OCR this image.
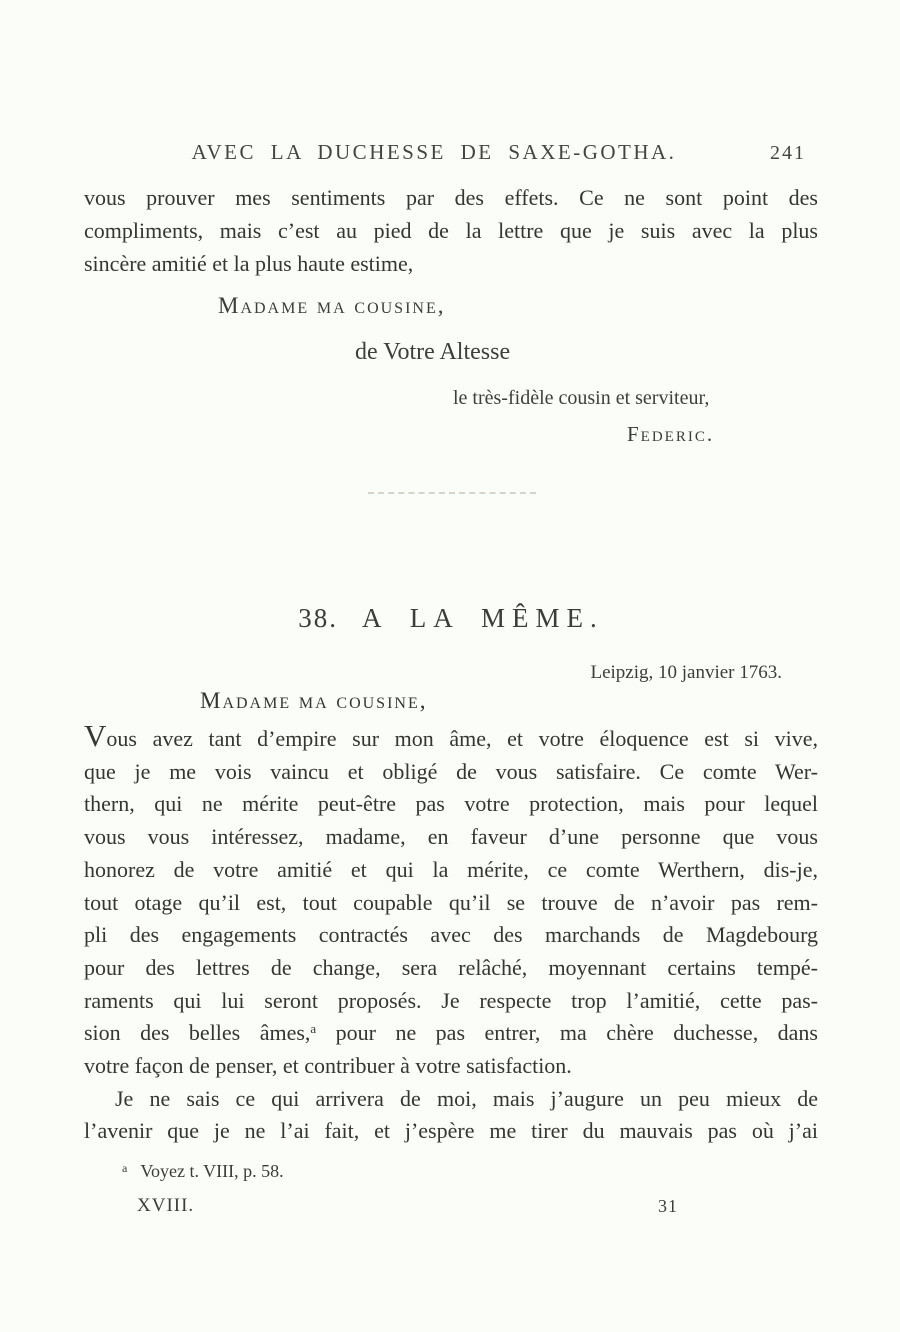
AVEC LA DUCHESSE DE SAXE-GOTHA.	241
vous prouver mes sentiments par des effets. Ce ne sont point des
compliments, mais c’est au pied de la lettre que je suis avec la plus
sincère amitié et la plus haute estime,
Madame ma cousine,
de Votre Altesse
le très-fidèle cousin et serviteur,
Federic.
38. A LA MÊME.
Leipzig, 10 janvier 1763.
Madame ma cousine,
Vous avez tant d’empire sur mon âme, et votre éloquence est si vive,
que je me vois vaincu et obligé de vous satisfaire. Ce comte Wer-
thern, qui ne mérite peut-être pas votre protection, mais pour lequel
vous vous intéressez, madame, en faveur d’une personne que vous
honorez de votre amitié et qui la mérite, ce comte Werthern, dis-je,
tout otage qu’il est, tout coupable qu’il se trouve de n’avoir pas rem-
pli des engagements contractés avec des marchands de Magdebourg
pour des lettres de change, sera relâché, moyennant certains tempé-
raments qui lui seront proposés. Je respecte trop l’amitié, cette pas-
sion des belles âmes,$^a$ pour ne pas entrer, ma chère duchesse, dans
votre façon de penser, et contribuer à votre satisfaction.
Je ne sais ce qui arrivera de moi, mais j’augure un peu mieux de
l’avenir que je ne l’ai fait, et j’espère me tirer du mauvais pas où j’ai
$^a$ Voyez t. VIII, p. 58.
XVIII.	31
